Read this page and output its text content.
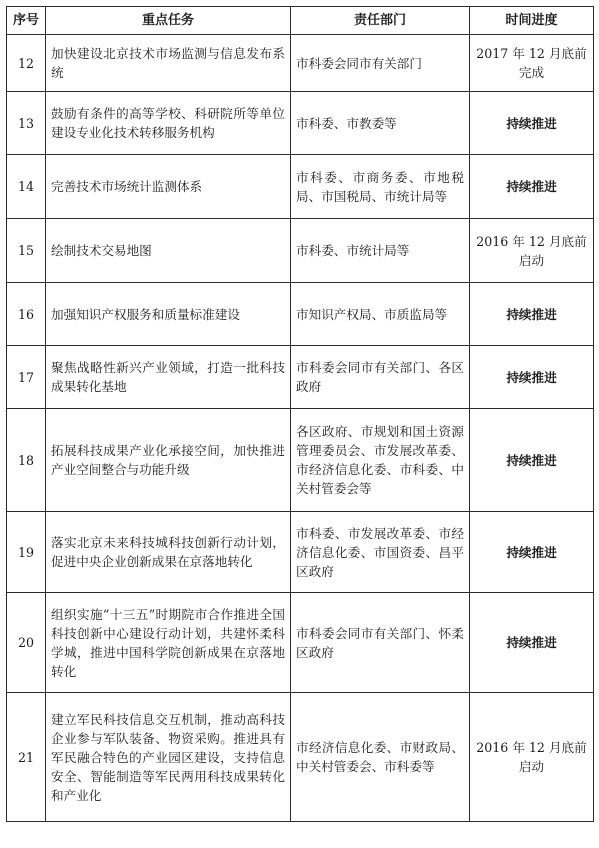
序号	重点任务	责任部门	时间进度
12	加快建设北京技术市场监测与信息发布系统	市科委会同市有关部门	2017 年 12 月底前完成
13	鼓励有条件的高等学校、科研院所等单位建设专业化技术转移服务机构	市科委、市教委等	持续推进
14	完善技术市场统计监测体系	市科委、市商务委、市地税局、市国税局、市统计局等	持续推进
15	绘制技术交易地图	市科委、市统计局等	2016 年 12 月底前启动
16	加强知识产权服务和质量标准建设	市知识产权局、市质监局等	持续推进
17	聚焦战略性新兴产业领域，打造一批科技成果转化基地	市科委会同市有关部门、各区政府	持续推进
18	拓展科技成果产业化承接空间，加快推进产业空间整合与功能升级	各区政府、市规划和国土资源管理委员会、市发展改革委、市经济信息化委、市科委、中关村管委会等	持续推进
19	落实北京未来科技城科技创新行动计划，促进中央企业创新成果在京落地转化	市科委、市发展改革委、市经济信息化委、市国资委、昌平区政府	持续推进
20	组织实施“十三五”时期院市合作推进全国科技创新中心建设行动计划，共建怀柔科学城，推进中国科学院创新成果在京落地转化	市科委会同市有关部门、怀柔区政府	持续推进
21	建立军民科技信息交互机制，推动高科技企业参与军队装备、物资采购。推进具有军民融合特色的产业园区建设，支持信息安全、智能制造等军民两用科技成果转化和产业化	市经济信息化委、市财政局、中关村管委会、市科委等	2016 年 12 月底前启动
